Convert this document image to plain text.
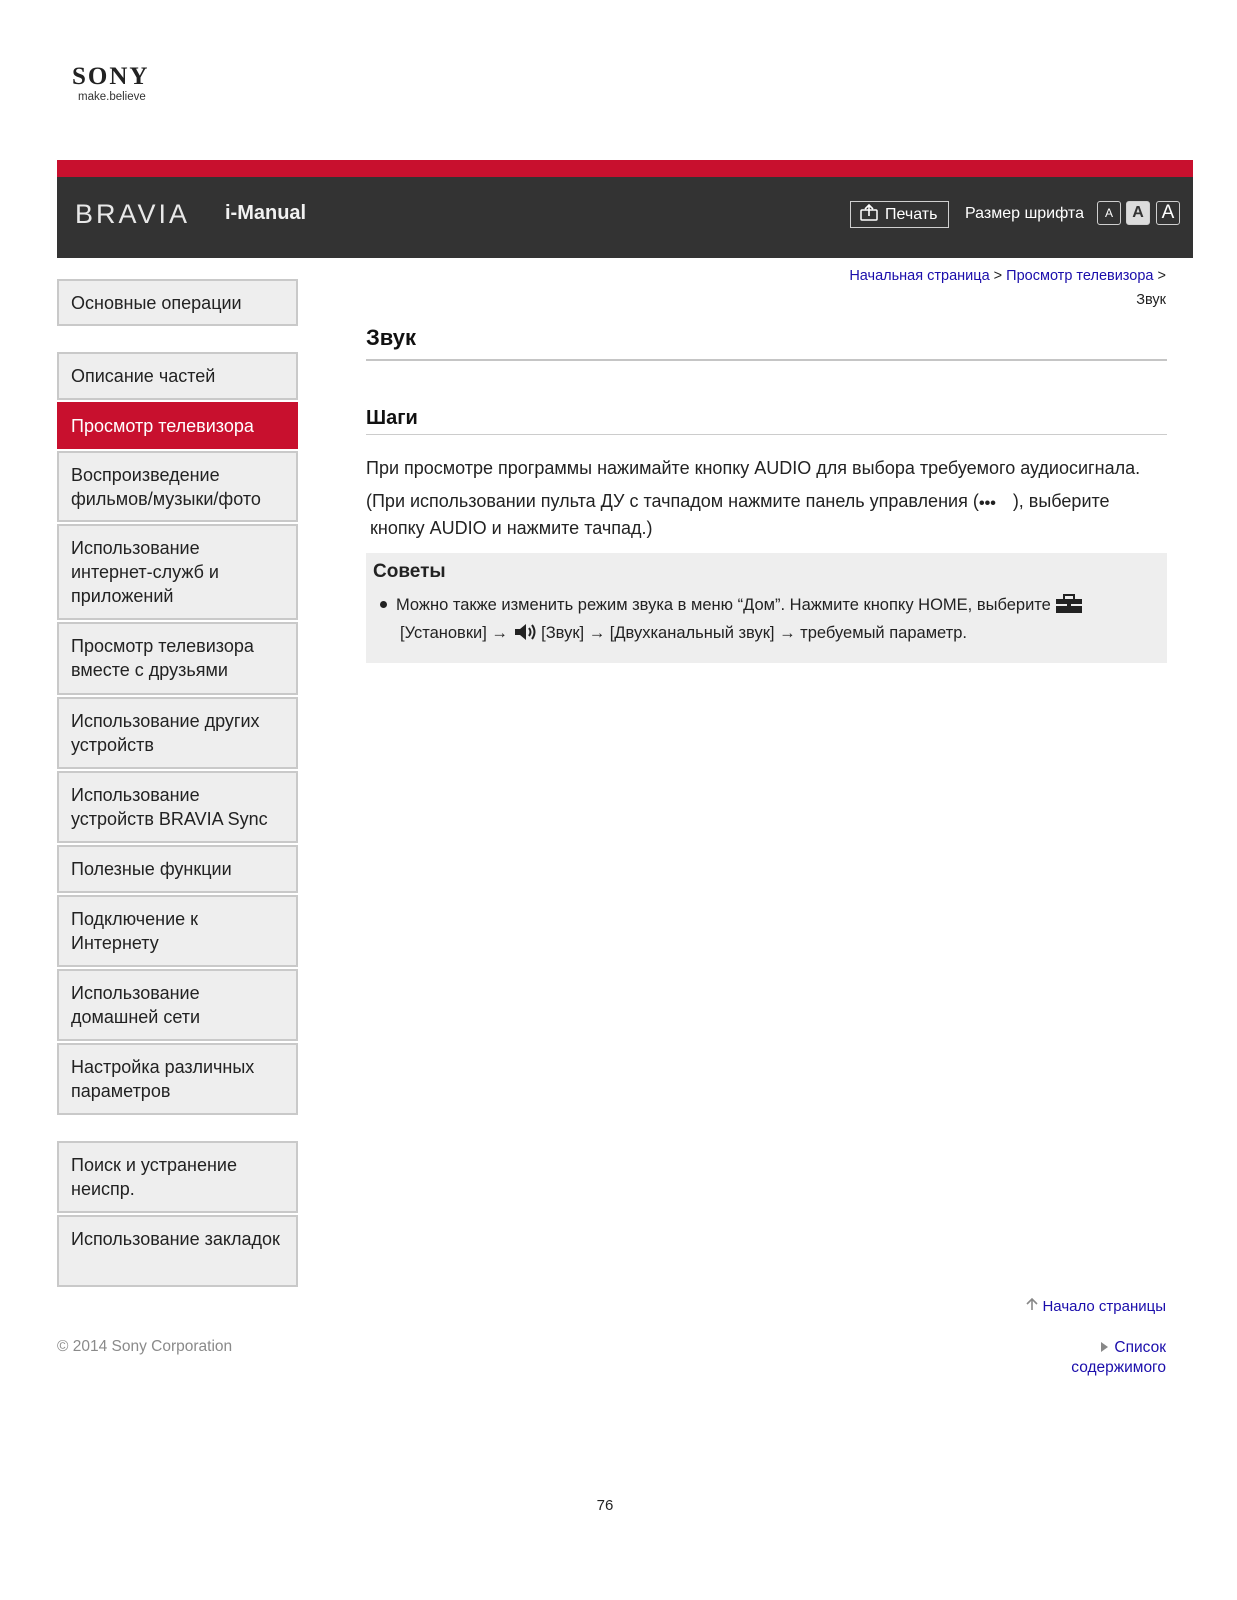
SONY
make.believe
BRAVIA i-Manual	Печать Размер шрифта	A	A A
Начальная страница > Просмотр телевизора >
Звук
Основные операции
Описание частей
Просмотр телевизора
Воспроизведение фильмов/музыки/фото
Использование интернет-служб и приложений
Просмотр телевизора вместе с друзьями
Использование других устройств
Использование устройств BRAVIA Sync
Полезные функции
Подключение к Интернету
Использование домашней сети
Настройка различных параметров
Поиск и устранение неиспр.
Использование закладок
Звук
Шаги
При просмотре программы нажимайте кнопку AUDIO для выбора требуемого аудиосигнала.
(При использовании пульта ДУ с тачпадом нажмите панель управления ( ••• ), выберите
кнопку AUDIO и нажмите тачпад.)
Советы
Можно также изменить режим звука в меню “Дом”. Нажмите кнопку HOME, выберите
[Установки] → [Звук] → [Двухканальный звук] → требуемый параметр.
Начало страницы
Список содержимого
© 2014 Sony Corporation
76
